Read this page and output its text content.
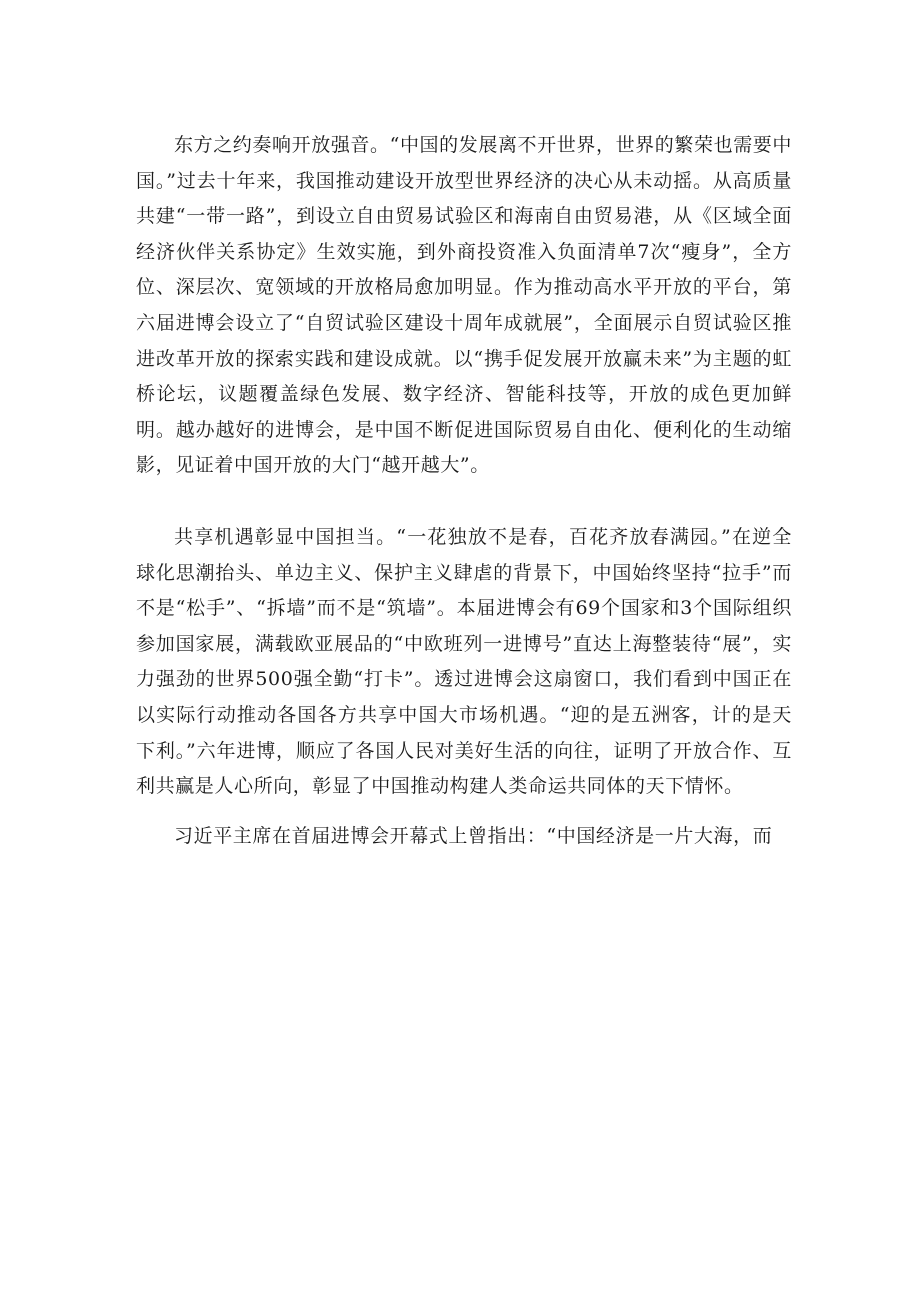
东方之约奏响开放强音。“中国的发展离不开世界，世界的繁荣也需要中国。”过去十年来，我国推动建设开放型世界经济的决心从未动摇。从高质量共建“一带一路”，到设立自由贸易试验区和海南自由贸易港，从《区域全面经济伙伴关系协定》生效实施，到外商投资准入负面清单7次“瘦身”，全方位、深层次、宽领域的开放格局愈加明显。作为推动高水平开放的平台，第六届进博会设立了“自贸试验区建设十周年成就展”，全面展示自贸试验区推进改革开放的探索实践和建设成就。以“携手促发展开放赢未来”为主题的虹桥论坛，议题覆盖绿色发展、数字经济、智能科技等，开放的成色更加鲜明。越办越好的进博会，是中国不断促进国际贸易自由化、便利化的生动缩影，见证着中国开放的大门“越开越大”。

共享机遇彰显中国担当。“一花独放不是春，百花齐放春满园。”在逆全球化思潮抬头、单边主义、保护主义肆虐的背景下，中国始终坚持“拉手”而不是“松手”、“拆墙”而不是“筑墙”。本届进博会有69个国家和3个国际组织参加国家展，满载欧亚展品的“中欧班列一进博号”直达上海整装待“展”，实力强劲的世界500强全勤“打卡”。透过进博会这扇窗口，我们看到中国正在以实际行动推动各国各方共享中国大市场机遇。“迎的是五洲客，计的是天下利。”六年进博，顺应了各国人民对美好生活的向往，证明了开放合作、互利共赢是人心所向，彰显了中国推动构建人类命运共同体的天下情怀。

习近平主席在首届进博会开幕式上曾指出：“中国经济是一片大海，而
